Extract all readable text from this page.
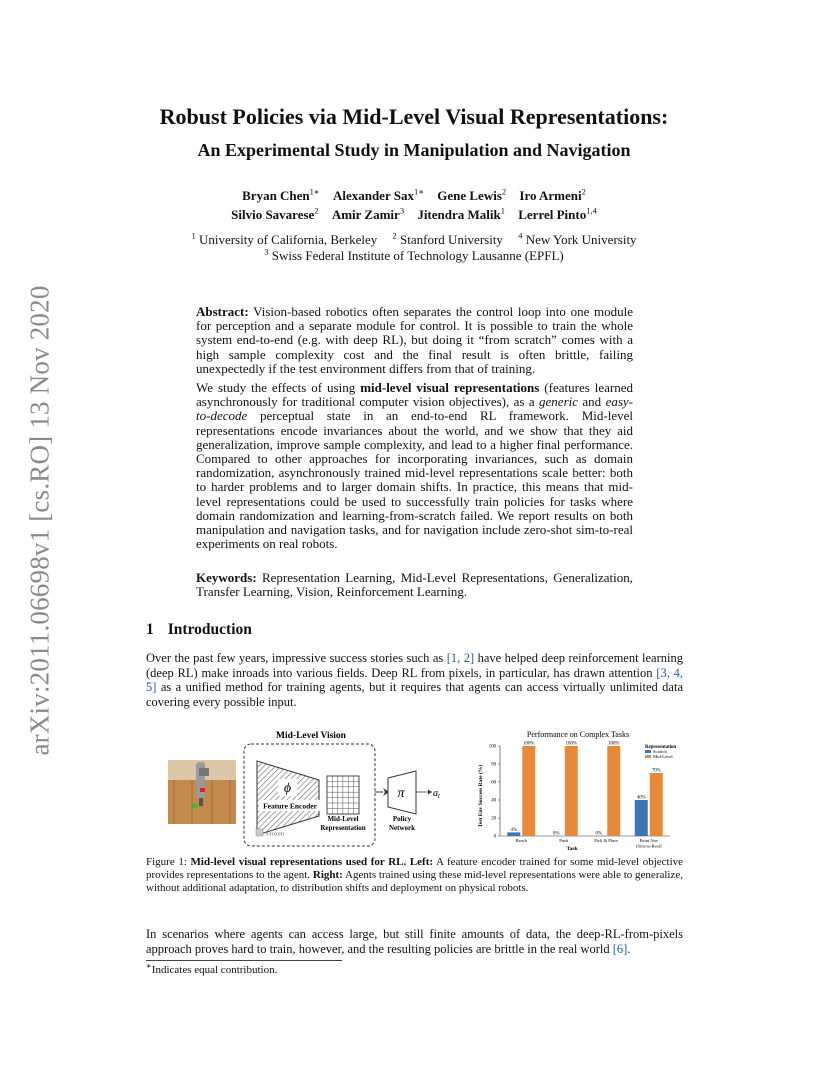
arXiv:2011.06698v1 [cs.RO] 13 Nov 2020
Robust Policies via Mid-Level Visual Representations:
An Experimental Study in Manipulation and Navigation
Bryan Chen$^{1∗}$ Alexander Sax$^{1∗}$ Gene Lewis$^2$ Iro Armeni$^2$
Silvio Savarese$^2$ Amir Zamir$^3$ Jitendra Malik$^1$ Lerrel Pinto$^{1,4}$
$^1$ University of California, Berkeley $^2$ Stanford University $^4$ New York University
$^3$ Swiss Federal Institute of Technology Lausanne (EPFL)
Abstract: Vision-based robotics often separates the control loop into one module for perception and a separate module for control. It is possible to train the whole system end-to-end (e.g. with deep RL), but doing it “from scratch” comes with a high sample complexity cost and the final result is often brittle, failing unexpectedly if the test environment differs from that of training.
We study the effects of using mid-level visual representations (features learned asynchronously for traditional computer vision objectives), as a generic and easy-to-decode perceptual state in an end-to-end RL framework. Mid-level representations encode invariances about the world, and we show that they aid generalization, improve sample complexity, and lead to a higher final performance. Compared to other approaches for incorporating invariances, such as domain randomization, asynchronously trained mid-level representations scale better: both to harder problems and to larger domain shifts. In practice, this means that mid-level representations could be used to successfully train policies for tasks where domain randomization and learning-from-scratch failed. We report results on both manipulation and navigation tasks, and for navigation include zero-shot sim-to-real experiments on real robots.
Keywords: Representation Learning, Mid-Level Representations, Generalization, Transfer Learning, Vision, Reinforcement Learning.
1 Introduction
Over the past few years, impressive success stories such as [1, 2] have helped deep reinforcement learning (deep RL) make inroads into various fields. Deep RL from pixels, in particular, has drawn attention [3, 4, 5] as a unified method for training agents, but it requires that agents can access virtually unlimited data covering every possible input.
Mid-Level Vision
ϕ
Feature Encoder
Mid-Level
Representation
Frozen
π
Policy
Network
$a_t$
Performance on Complex Tasks
Test Env Success Rate (%)
Task
0
20
40
60
80
100
Reach	Push	Pick & Place	Point Nav
(Sim-to-Real)
4%
100%
0%
100%
0%
100%
40%
70%
Representation
Scratch
Mid-Level
Figure 1: Mid-level visual representations used for RL. Left: A feature encoder trained for some mid-level objective provides representations to the agent. Right: Agents trained using these mid-level representations were able to generalize, without additional adaptation, to distribution shifts and deployment on physical robots.
In scenarios where agents can access large, but still finite amounts of data, the deep-RL-from-pixels approach proves hard to train, however, and the resulting policies are brittle in the real world [6].
∗Indicates equal contribution.
